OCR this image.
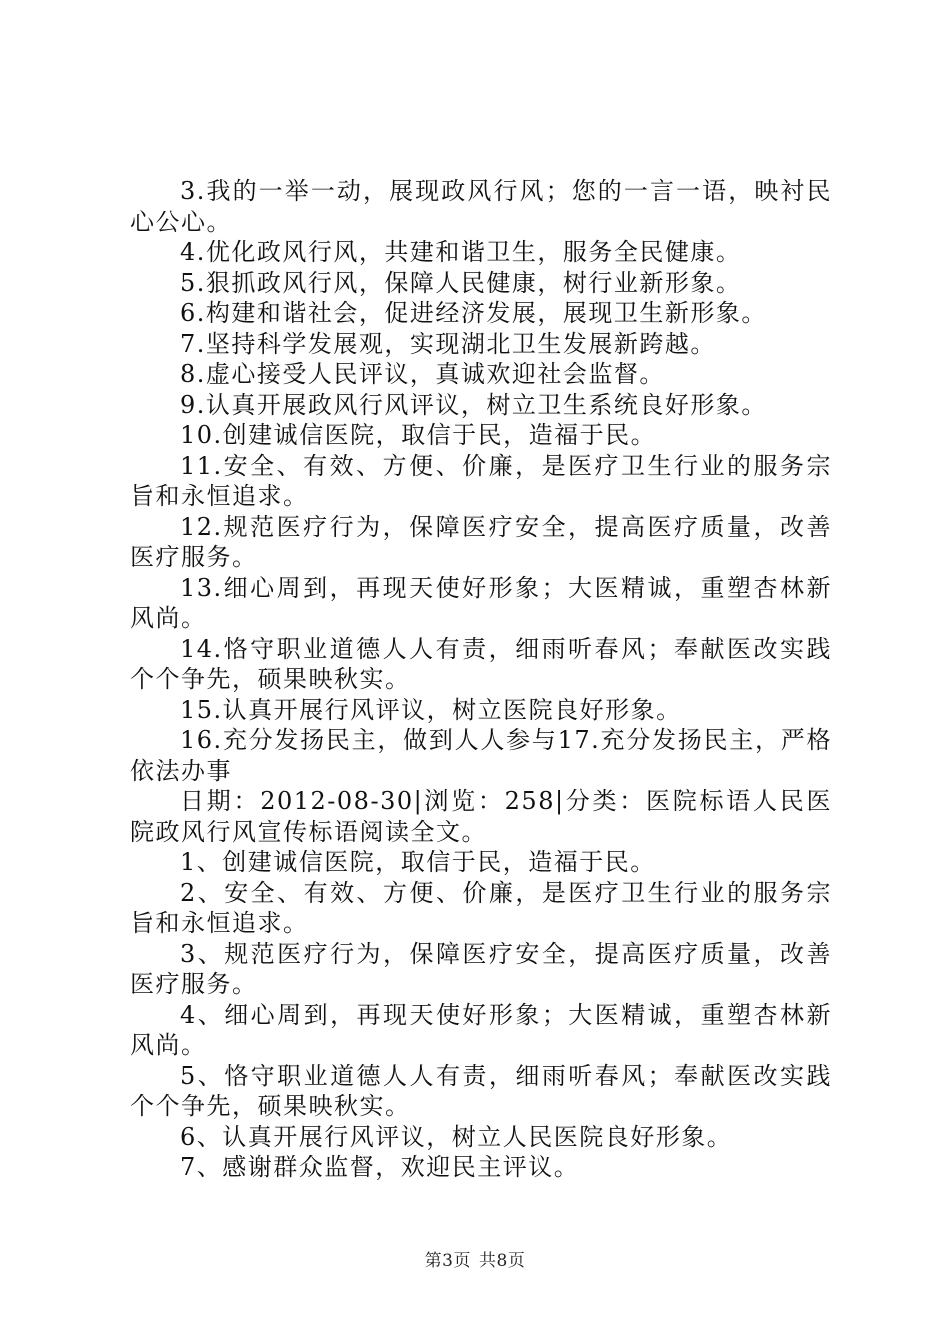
3.我的一举一动，展现政风行风；您的一言一语，映衬民心公心。

4.优化政风行风，共建和谐卫生，服务全民健康。

5.狠抓政风行风，保障人民健康，树行业新形象。

6.构建和谐社会，促进经济发展，展现卫生新形象。

7.坚持科学发展观，实现湖北卫生发展新跨越。

8.虚心接受人民评议，真诚欢迎社会监督。

9.认真开展政风行风评议，树立卫生系统良好形象。

10.创建诚信医院，取信于民，造福于民。

11.安全、有效、方便、价廉，是医疗卫生行业的服务宗旨和永恒追求。

12.规范医疗行为，保障医疗安全，提高医疗质量，改善医疗服务。

13.细心周到，再现天使好形象；大医精诚，重塑杏林新风尚。

14.恪守职业道德人人有责，细雨听春风；奉献医改实践个个争先，硕果映秋实。

15.认真开展行风评议，树立医院良好形象。

16.充分发扬民主，做到人人参与17.充分发扬民主，严格依法办事

日期：2012-08-30|浏览：258|分类：医院标语人民医院政风行风宣传标语阅读全文。

1、创建诚信医院，取信于民，造福于民。

2、安全、有效、方便、价廉，是医疗卫生行业的服务宗旨和永恒追求。

3、规范医疗行为，保障医疗安全，提高医疗质量，改善医疗服务。

4、细心周到，再现天使好形象；大医精诚，重塑杏林新风尚。

5、恪守职业道德人人有责，细雨听春风；奉献医改实践个个争先，硕果映秋实。

6、认真开展行风评议，树立人民医院良好形象。

7、感谢群众监督，欢迎民主评议。

第3页 共8页
